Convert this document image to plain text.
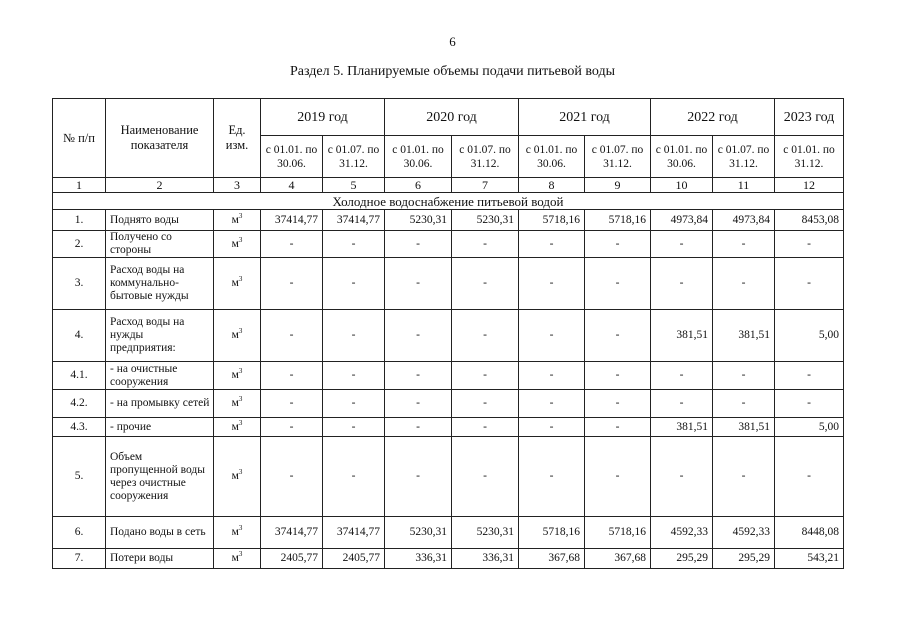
6
Раздел 5. Планируемые объемы подачи питьевой воды
№ п/п	Наименование показателя	Ед. изм.	2019 год		2020 год		2021 год		2022 год		2023 год
			с 01.01. по 30.06.	с 01.07. по 31.12.	с 01.01. по 30.06.	с 01.07. по 31.12.	с 01.01. по 30.06.	с 01.07. по 31.12.	с 01.01. по 30.06.	с 01.07. по 31.12.	с 01.01. по 31.12.
1	2	3	4	5	6	7	8	9	10	11	12
Холодное водоснабжение питьевой водой											
1.	Поднято воды	$м^3$	37414,77	37414,77	5230,31	5230,31	5718,16	5718,16	4973,84	4973,84	8453,08
2.	Получено со стороны	$м^3$	-	-	-	-	-	-	-	-	-
3.	Расход воды на коммунально-бытовые нужды	$м^3$	-	-	-	-	-	-	-	-	-
4.	Расход воды на нужды предприятия:	$м^3$	-	-	-	-	-	-	381,51	381,51	5,00
4.1.	- на очистные сооружения	$м^3$	-	-	-	-	-	-	-	-	-
4.2.	- на промывку сетей	$м^3$	-	-	-	-	-	-	-	-	-
4.3.	- прочие	$м^3$	-	-	-	-	-	-	381,51	381,51	5,00
5.	Объем пропущенной воды через очистные сооружения	$м^3$	-	-	-	-	-	-	-	-	-
6.	Подано воды в сеть	$м^3$	37414,77	37414,77	5230,31	5230,31	5718,16	5718,16	4592,33	4592,33	8448,08
7.	Потери воды	$м^3$	2405,77	2405,77	336,31	336,31	367,68	367,68	295,29	295,29	543,21
